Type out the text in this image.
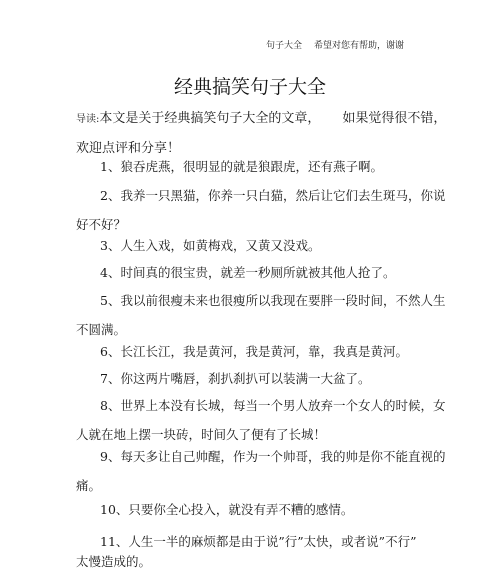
句子大全 希望对您有帮助，谢谢
经典搞笑句子大全
导读:本文是关于经典搞笑句子大全的文章， 如果觉得很不错，
欢迎点评和分享！
1、狼吞虎燕，很明显的就是狼跟虎，还有燕子啊。
2、我养一只黑猫，你养一只白猫，然后让它们去生斑马，你说
好不好？
3、人生入戏，如黄梅戏，又黄又没戏。
4、时间真的很宝贵，就差一秒厕所就被其他人抢了。
5、我以前很瘦未来也很瘦所以我现在要胖一段时间，不然人生
不圆满。
6、长江长江，我是黄河，我是黄河，靠，我真是黄河。
7、你这两片嘴唇，刹扒刹扒可以装满一大盆了。
8、世界上本没有长城，每当一个男人放弃一个女人的时候，女
人就在地上摆一块砖，时间久了便有了长城！
9、每天多让自己帅醒，作为一个帅哥，我的帅是你不能直视的
痛。
10、只要你全心投入，就没有弄不糟的感情。
11、人生一半的麻烦都是由于说”行”太快，或者说”不行”
太慢造成的。
